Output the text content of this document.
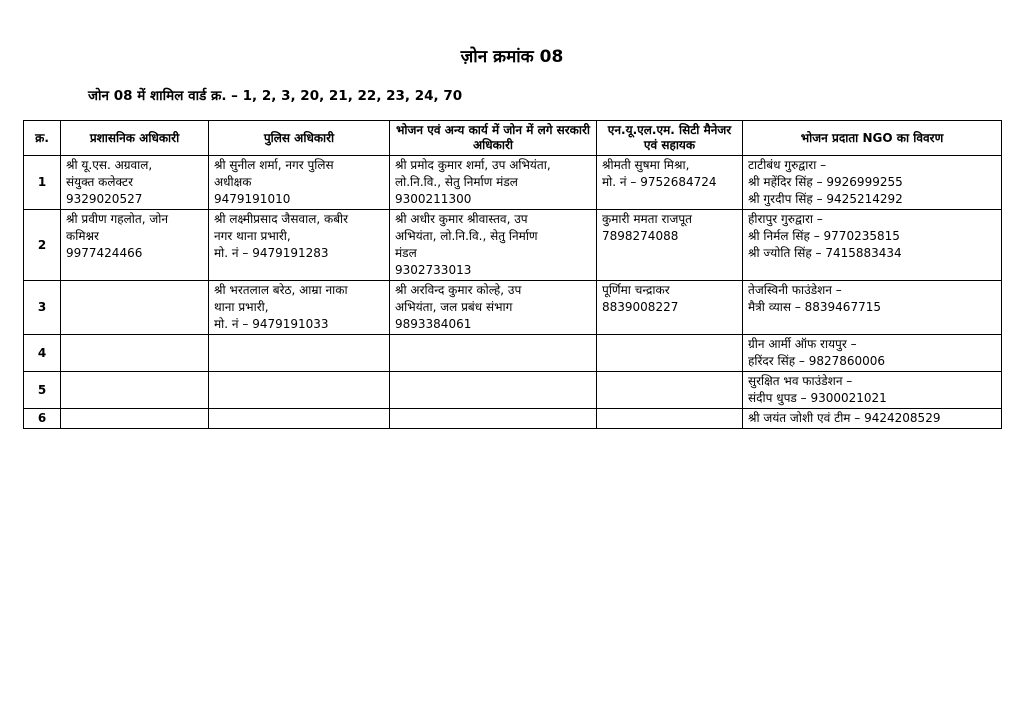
ज़ोन क्रमांक 08
जोन 08 में शामिल वार्ड क्र. – 1, 2, 3, 20, 21, 22, 23, 24, 70
क्र.	प्रशासनिक अधिकारी	पुलिस अधिकारी	भोजन एवं अन्य कार्य में जोन में लगे सरकारी अधिकारी	एन.यू.एल.एम. सिटी मैनेजर एवं सहायक	भोजन प्रदाता NGO का विवरण
1	श्री यू.एस. अग्रवाल,
संयुक्त कलेक्टर
9329020527	श्री सुनील शर्मा, नगर पुलिस
अधीक्षक
9479191010	श्री प्रमोद कुमार शर्मा, उप अभियंता,
लो.नि.वि., सेतु निर्माण मंडल
9300211300	श्रीमती सुषमा मिश्रा,
मो. नं – 9752684724	टाटीबंध गुरुद्वारा –
श्री महेंदिर सिंह – 9926999255
श्री गुरदीप सिंह – 9425214292

2	श्री प्रवीण गहलोत, जोन
कमिश्नर
9977424466	श्री लक्ष्मीप्रसाद जैसवाल, कबीर
नगर थाना प्रभारी,
मो. नं – 9479191283	श्री अधीर कुमार श्रीवास्तव, उप
अभियंता, लो.नि.वि., सेतु निर्माण
मंडल
9302733013	कुमारी ममता राजपूत
7898274088	हीरापुर गुरुद्वारा –
श्री निर्मल सिंह – 9770235815
श्री ज्योति सिंह – 7415883434

3		श्री भरतलाल बरेठ, आम्रा नाका
थाना प्रभारी,
मो. नं – 9479191033	श्री अरविन्द कुमार कोल्हे, उप
अभियंता, जल प्रबंध संभाग
9893384061	पूर्णिमा चन्द्राकर
8839008227	तेजस्विनी फाउंडेशन –
मैत्री व्यास – 8839467715

4					ग्रीन आर्मी ऑफ रायपुर –
हरिंदर सिंह – 9827860006

5					सुरक्षित भव फाउंडेशन –
संदीप धुपड – 9300021021

6					श्री जयंत जोशी एवं टीम – 9424208529
